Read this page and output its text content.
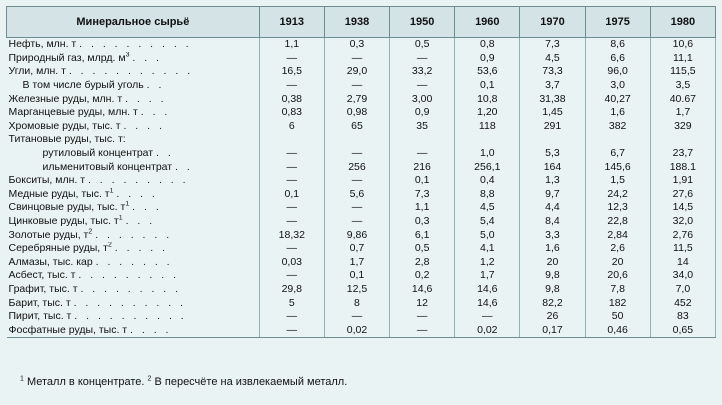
Минеральное сырьё	1913	1938	1950	1960	1970	1975	1980
Нефть, млн. т . . . . . . . . . .	1,1	0,3	0,5	0,8	7,3	8,6	10,6
Природный газ, млрд. $м^3$ . . .	—	—	—	0,9	4,5	6,6	11,1
Угли, млн. т . . . . . . . . . . .	16,5	29,0	33,2	53,6	73,3	96,0	115,5
В том числе бурый уголь . .	—	—	—	0,1	3,7	3,0	3,5
Железные руды, млн. т . . . .	0,38	2,79	3,00	10,8	31,38	40,27	40.67
Марганцевые руды, млн. т . . .	0,83	0,98	0,9	1,20	1,45	1,6	1,7
Хромовые руды, тыс. т . . . .	6	65	35	118	291	382	329
Титановые руды, тыс. т:							
рутиловый концентрат . .	—	—	—	1,0	5,3	6,7	23,7
ильменитовый концентрат . .	—	256	216	256,1	164	145,6	188.1
Бокситы, млн. т . . . . . . . . .	—	—	0,1	0,4	1,3	1,5	1,91
Медные руды, тыс. $т^1$ . . . .	0,1	5,6	7,3	8,8	9,7	24,2	27,6
Свинцовые руды, тыс. $т^1$ . . .	—	—	1,1	4,5	4,4	12,3	14,5
Цинковые руды, тыс. $т^1$ . . .	—	—	0,3	5,4	8,4	22,8	32,0
Золотые руды, $т^2$ . . . . . . .	18,32	9,86	6,1	5,0	3,3	2,84	2,76
Серебряные руды, $т^2$ . . . . .	—	0,7	0,5	4,1	1,6	2,6	11,5
Алмазы, тыс. кар . . . . . . .	0,03	1,7	2,8	1,2	20	20	14
Асбест, тыс. т . . . . . . . . .	—	0,1	0,2	1,7	9,8	20,6	34,0
Графит, тыс. т . . . . . . . . .	29,8	12,5	14,6	14,6	9,8	7,8	7,0
Барит, тыс. т . . . . . . . . . .	5	8	12	14,6	82,2	182	452
Пирит, тыс. т . . . . . . . . . .	—	—	—	—	26	50	83
Фосфатные руды, тыс. т . . . .	—	0,02	—	0,02	0,17	0,46	0,65
$^1$ Металл в концентрате. $^2$ В пересчёте на извлекаемый металл.
